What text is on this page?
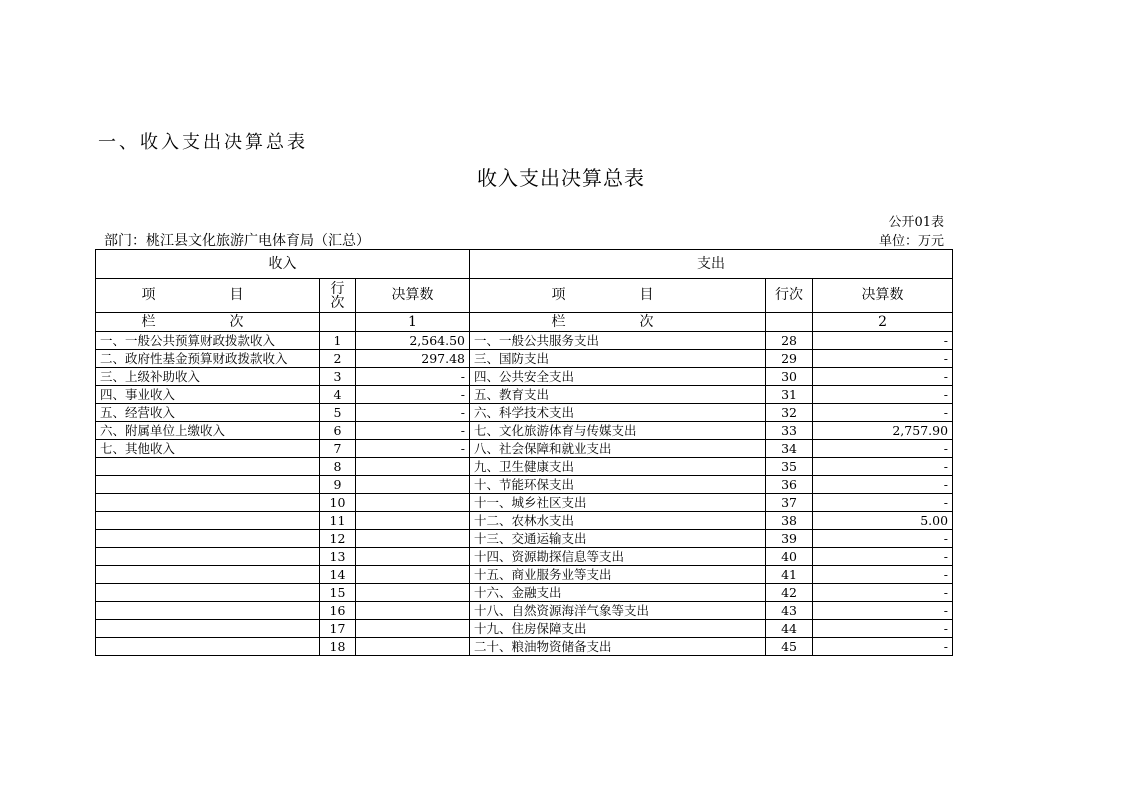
一、收入支出决算总表
收入支出决算总表
公开01表
部门：桃江县文化旅游广电体育局（汇总）	单位：万元
收入			支出		
项　目	行次	决算数	项　目	行次	决算数
栏　次		1	栏　次		2
一、一般公共预算财政拨款收入	1	2,564.50	一、一般公共服务支出	28	-
二、政府性基金预算财政拨款收入	2	297.48	三、国防支出	29	-
三、上级补助收入	3	-	四、公共安全支出	30	-
四、事业收入	4	-	五、教育支出	31	-
五、经营收入	5	-	六、科学技术支出	32	-
六、附属单位上缴收入	6	-	七、文化旅游体育与传媒支出	33	2,757.90
七、其他收入	7	-	八、社会保障和就业支出	34	-
	8		九、卫生健康支出	35	-
	9		十、节能环保支出	36	-
	10		十一、城乡社区支出	37	-
	11		十二、农林水支出	38	5.00
	12		十三、交通运输支出	39	-
	13		十四、资源勘探信息等支出	40	-
	14		十五、商业服务业等支出	41	-
	15		十六、金融支出	42	-
	16		十八、自然资源海洋气象等支出	43	-
	17		十九、住房保障支出	44	-
	18		二十、粮油物资储备支出	45	-
